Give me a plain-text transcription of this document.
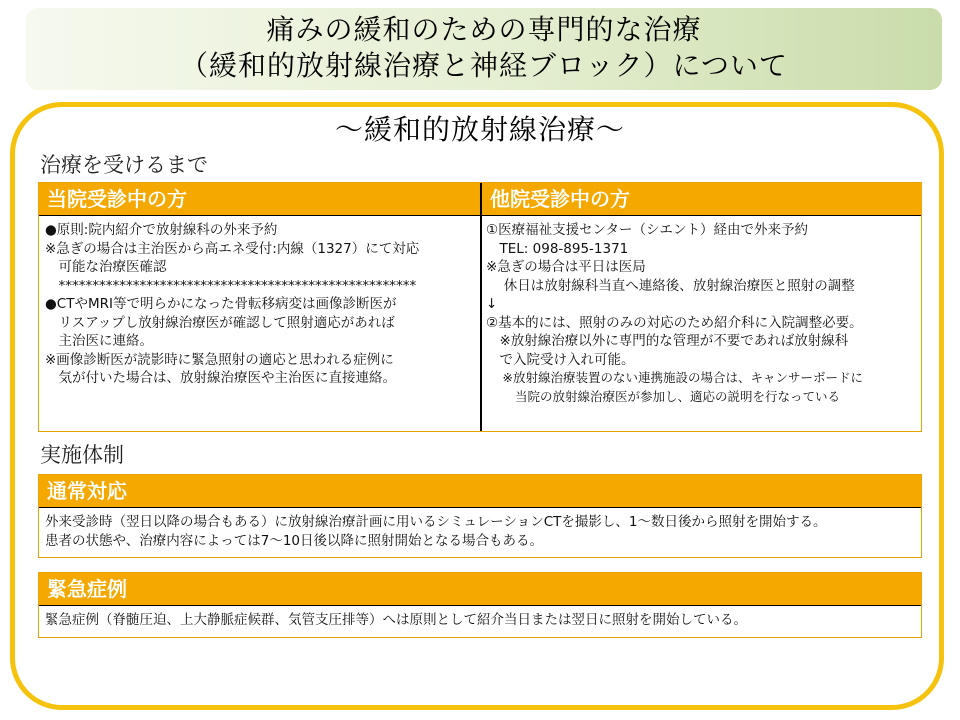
痛みの緩和のための専門的な治療
（緩和的放射線治療と神経ブロック）について
～緩和的放射線治療～
治療を受けるまで
当院受診中の方	他院受診中の方
●原則:院内紹介で放射線科の外来予約
※急ぎの場合は主治医から高エネ受付:内線（1327）にて対応
　可能な治療医確認
　*****************************************************
●CTやMRI等で明らかになった骨転移病変は画像診断医が
　リスアップし放射線治療医が確認して照射適応があれば
　主治医に連絡。
※画像診断医が読影時に緊急照射の適応と思われる症例に
　気が付いた場合は、放射線治療医や主治医に直接連絡。
①医療福祉支援センター（シエント）経由で外来予約
　TEL: 098-895-1371
※急ぎの場合は平日は医局
　 休日は放射線科当直へ連絡後、放射線治療医と照射の調整
↓
②基本的には、照射のみの対応のため紹介科に入院調整必要。
　※放射線治療以外に専門的な管理が不要であれば放射線科
　で入院受け入れ可能。
　 ※放射線治療装置のない連携施設の場合は、キャンサーボードに
　　 当院の放射線治療医が参加し、適応の説明を行なっている
実施体制
通常対応
外来受診時（翌日以降の場合もある）に放射線治療計画に用いるシミュレーションCTを撮影し、1～数日後から照射を開始する。
患者の状態や、治療内容によっては7～10日後以降に照射開始となる場合もある。
緊急症例
緊急症例（脊髄圧迫、上大静脈症候群、気管支圧排等）へは原則として紹介当日または翌日に照射を開始している。
